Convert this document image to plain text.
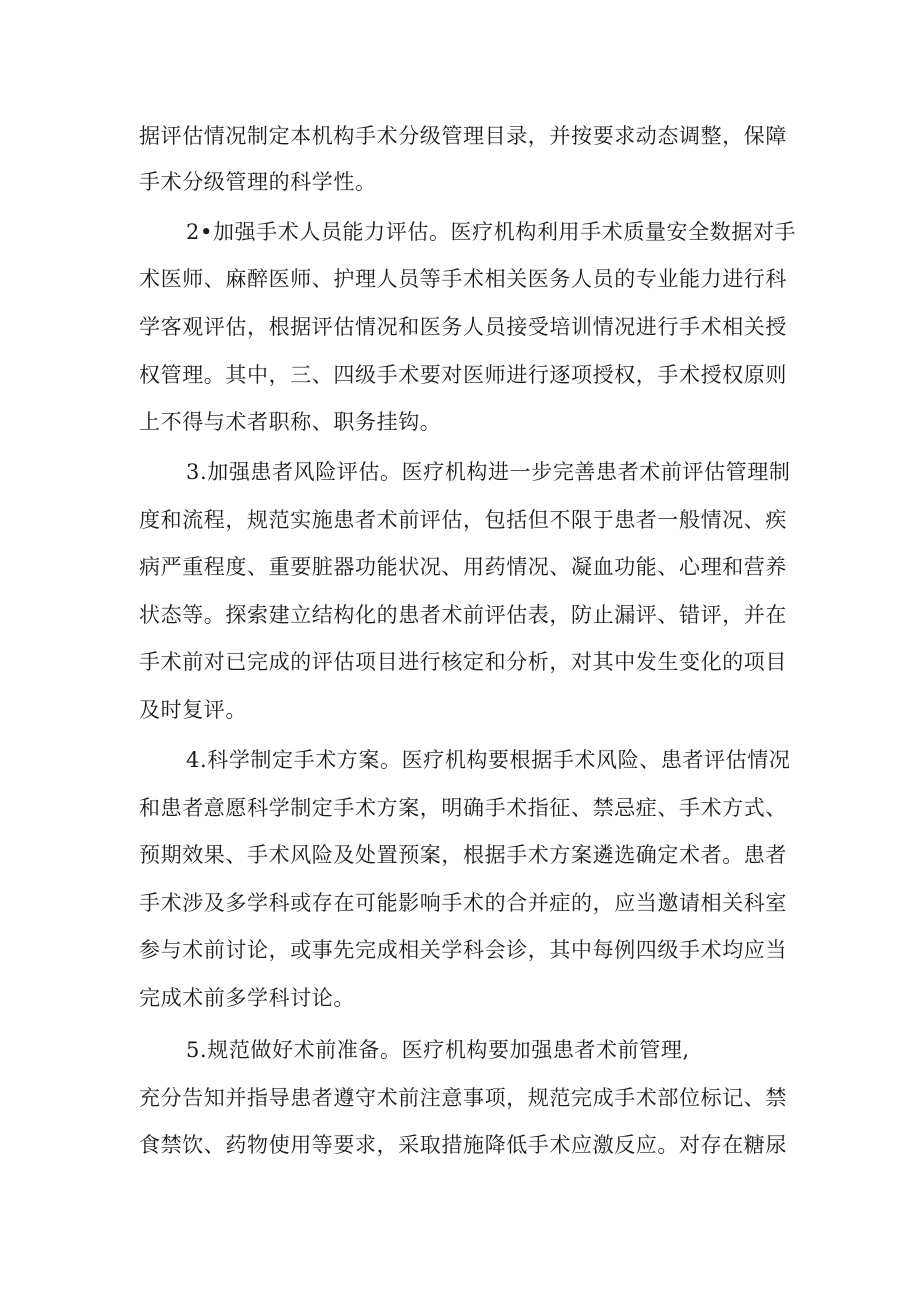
据评估情况制定本机构手术分级管理目录，并按要求动态调整，保障
手术分级管理的科学性。
2•加强手术人员能力评估。医疗机构利用手术质量安全数据对手
术医师、麻醉医师、护理人员等手术相关医务人员的专业能力进行科
学客观评估，根据评估情况和医务人员接受培训情况进行手术相关授
权管理。其中，三、四级手术要对医师进行逐项授权，手术授权原则
上不得与术者职称、职务挂钩。
3.加强患者风险评估。医疗机构进一步完善患者术前评估管理制
度和流程，规范实施患者术前评估，包括但不限于患者一般情况、疾
病严重程度、重要脏器功能状况、用药情况、凝血功能、心理和营养
状态等。探索建立结构化的患者术前评估表，防止漏评、错评，并在
手术前对已完成的评估项目进行核定和分析，对其中发生变化的项目
及时复评。
4.科学制定手术方案。医疗机构要根据手术风险、患者评估情况
和患者意愿科学制定手术方案，明确手术指征、禁忌症、手术方式、
预期效果、手术风险及处置预案，根据手术方案遴选确定术者。患者
手术涉及多学科或存在可能影响手术的合并症的，应当邀请相关科室
参与术前讨论，或事先完成相关学科会诊，其中每例四级手术均应当
完成术前多学科讨论。
5.规范做好术前准备。医疗机构要加强患者术前管理,
充分告知并指导患者遵守术前注意事项，规范完成手术部位标记、禁
食禁饮、药物使用等要求，采取措施降低手术应激反应。对存在糖尿
